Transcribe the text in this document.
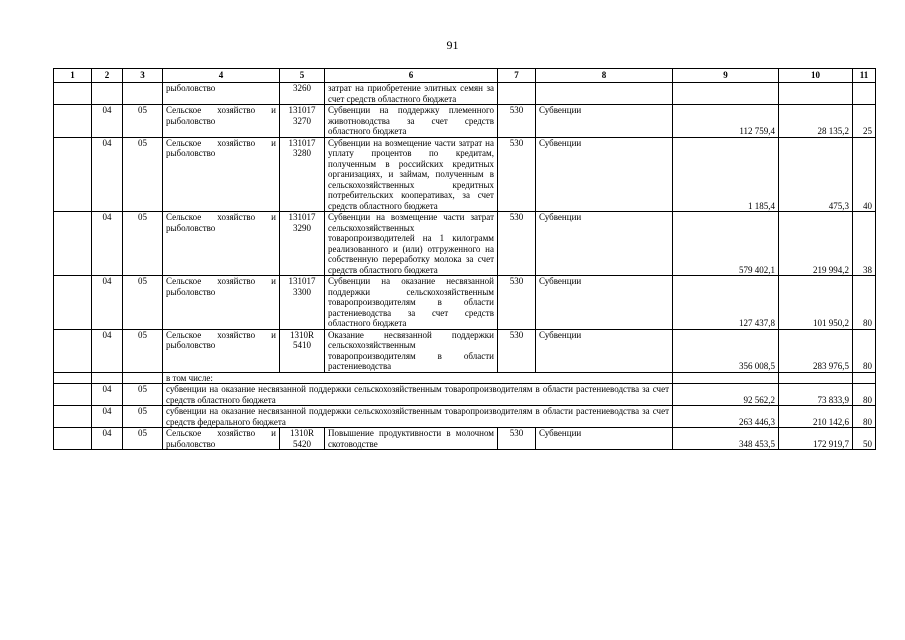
91
1	2	3	4	5	6	7	8	9	10	11
			рыболовство	3260	затрат на приобретение элитных семян за счет средств областного бюджета					
	04	05	Сельское хозяйство и рыболовство	131017 3270	Субвенции на поддержку племенного животноводства за счет средств областного бюджета	530	Субвенции	112 759,4	28 135,2	25
	04	05	Сельское хозяйство и рыболовство	131017 3280	Субвенции на возмещение части затрат на уплату процентов по кредитам, полученным в российских кредитных организациях, и займам, полученным в сельскохозяйственных кредитных потребительских кооперативах, за счет средств областного бюджета	530	Субвенции	1 185,4	475,3	40
	04	05	Сельское хозяйство и рыболовство	131017 3290	Субвенции на возмещение части затрат сельскохозяйственных товаропроизводителей на 1 килограмм реализованного и (или) отгруженного на собственную переработку молока за счет средств областного бюджета	530	Субвенции	579 402,1	219 994,2	38
	04	05	Сельское хозяйство и рыболовство	131017 3300	Субвенции на оказание несвязанной поддержки сельскохозяйственным товаропроизводителям в области растениеводства за счет средств областного бюджета	530	Субвенции	127 437,8	101 950,2	80
	04	05	Сельское хозяйство и рыболовство	1310R 5410	Оказание несвязанной поддержки сельскохозяйственным товаропроизводителям в области растениеводства	530	Субвенции	356 008,5	283 976,5	80
			в том числе:							
	04	05	субвенции на оказание несвязанной поддержки сельскохозяйственным товаропроизводителям в области растениеводства за счет средств областного бюджета					92 562,2	73 833,9	80
	04	05	субвенции на оказание несвязанной поддержки сельскохозяйственным товаропроизводителям в области растениеводства за счет средств федерального бюджета					263 446,3	210 142,6	80
	04	05	Сельское хозяйство и рыболовство	1310R 5420	Повышение продуктивности в молочном скотоводстве	530	Субвенции	348 453,5	172 919,7	50
